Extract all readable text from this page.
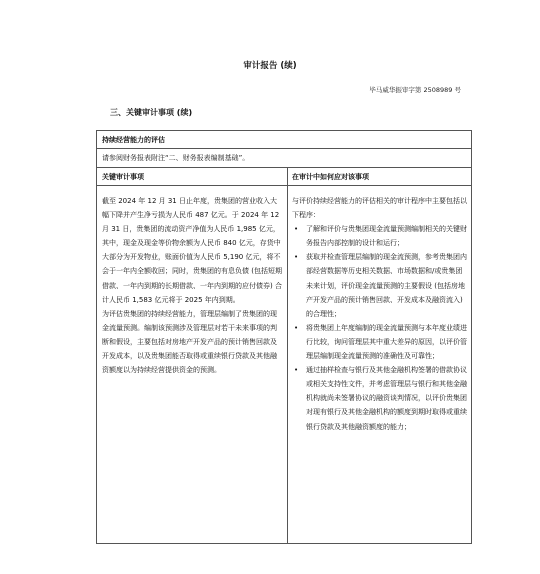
审计报告 (续)
毕马威华振审字第 2508989 号
三、关键审计事项 (续)
持续经营能力的评估
请参阅财务报表附注“二、财务报表编制基础”。
关键审计事项	在审计中如何应对该事项

截至 2024 年 12 月 31 日止年度，贵集团的营业收入大幅下降并产生净亏损为人民币 487 亿元。于 2024 年 12 月 31 日，贵集团的流动资产净值为人民币 1,985 亿元，其中，现金及现金等价物余额为人民币 840 亿元，存货中大部分为开发物业，账面价值为人民币 5,190 亿元，将不会于一年内全额收回；同时，贵集团的有息负债 (包括短期借款、一年内到期的长期借款、一年内到期的应付债券) 合计人民币 1,583 亿元将于 2025 年内到期。

为评估贵集团的持续经营能力，管理层编制了贵集团的现金流量预测。编制该预测涉及管理层对若干未来事项的判断和假设，主要包括对房地产开发产品的预计销售回款及开发成本，以及贵集团能否取得或重续银行贷款及其他融资额度以为持续经营提供资金的预测。

与评价持续经营能力的评估相关的审计程序中主要包括以下程序：

• 了解和评价与贵集团现金流量预测编制相关的关键财务报告内部控制的设计和运行；
• 获取并检查管理层编制的现金流预测，参考贵集团内部经营数据等历史相关数据、市场数据和/或贵集团未来计划，评价现金流量预测的主要假设 (包括房地产开发产品的预计销售回款、开发成本及融资流入) 的合理性；
• 将贵集团上年度编制的现金流量预测与本年度业绩进行比较，询问管理层其中重大差异的原因，以评价管理层编制现金流量预测的准确性及可靠性；
• 通过抽样检查与银行及其他金融机构签署的借款协议或相关支持性文件，并考虑管理层与银行和其他金融机构就尚未签署协议的融资谈判情况，以评价贵集团对现有银行及其他金融机构的额度到期时取得或重续银行贷款及其他融资额度的能力；
